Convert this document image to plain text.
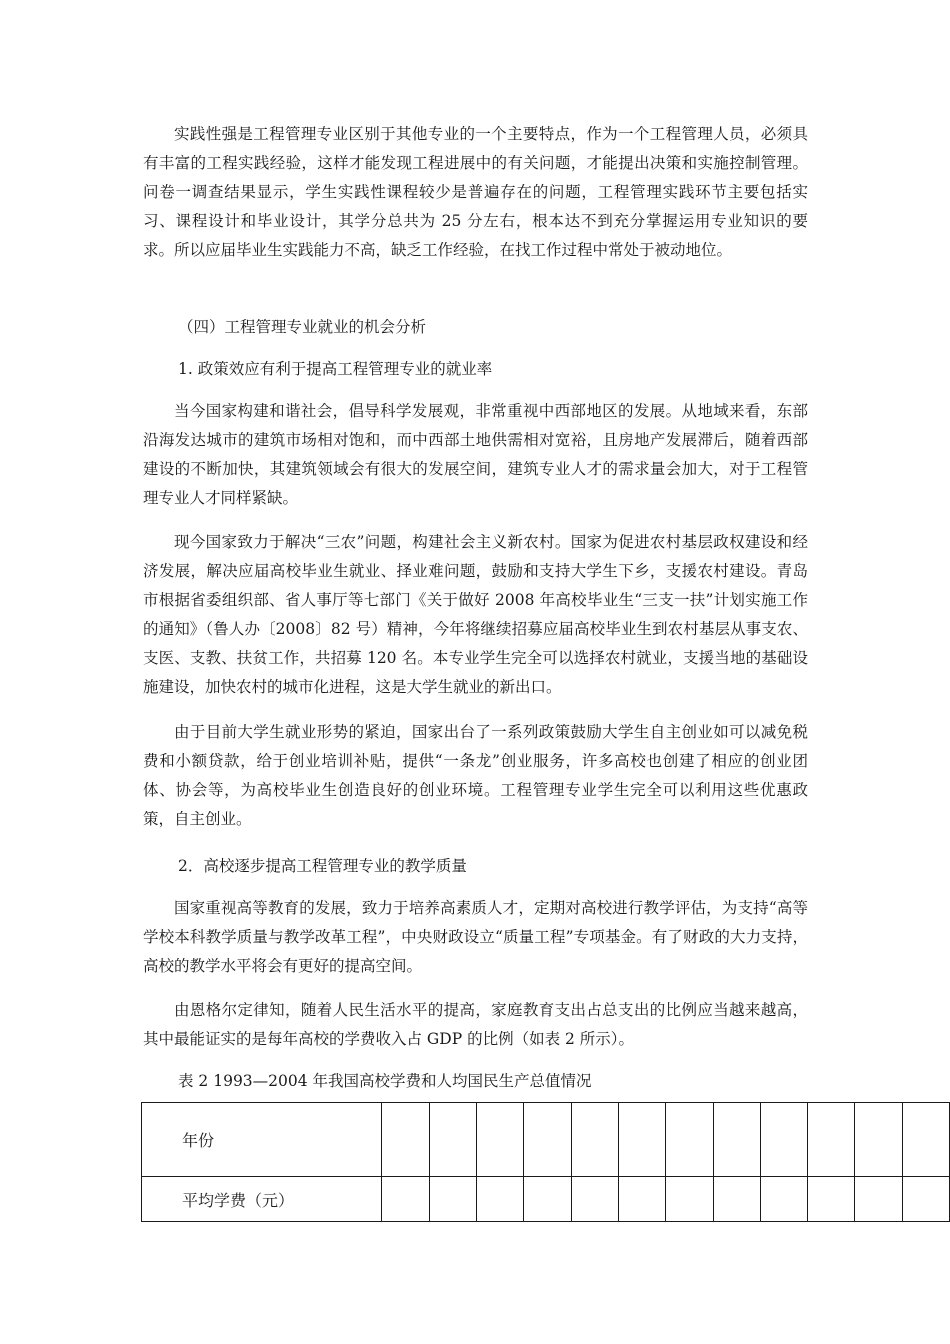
实践性强是工程管理专业区别于其他专业的一个主要特点，作为一个工程管理人员，必须具有丰富的工程实践经验，这样才能发现工程进展中的有关问题，才能提出决策和实施控制管理。问卷一调查结果显示，学生实践性课程较少是普遍存在的问题，工程管理实践环节主要包括实习、课程设计和毕业设计，其学分总共为 25 分左右，根本达不到充分掌握运用专业知识的要求。所以应届毕业生实践能力不高，缺乏工作经验，在找工作过程中常处于被动地位。

（四）工程管理专业就业的机会分析

1. 政策效应有利于提高工程管理专业的就业率

当今国家构建和谐社会，倡导科学发展观，非常重视中西部地区的发展。从地域来看，东部沿海发达城市的建筑市场相对饱和，而中西部土地供需相对宽裕，且房地产发展滞后，随着西部建设的不断加快，其建筑领域会有很大的发展空间，建筑专业人才的需求量会加大，对于工程管理专业人才同样紧缺。

现今国家致力于解决“三农”问题，构建社会主义新农村。国家为促进农村基层政权建设和经济发展，解决应届高校毕业生就业、择业难问题，鼓励和支持大学生下乡，支援农村建设。青岛市根据省委组织部、省人事厅等七部门《关于做好 2008 年高校毕业生“三支一扶”计划实施工作的通知》（鲁人办〔2008〕82 号）精神，今年将继续招募应届高校毕业生到农村基层从事支农、支医、支教、扶贫工作，共招募 120 名。本专业学生完全可以选择农村就业，支援当地的基础设施建设，加快农村的城市化进程，这是大学生就业的新出口。

由于目前大学生就业形势的紧迫，国家出台了一系列政策鼓励大学生自主创业如可以减免税费和小额贷款，给于创业培训补贴，提供“一条龙”创业服务，许多高校也创建了相应的创业团体、协会等，为高校毕业生创造良好的创业环境。工程管理专业学生完全可以利用这些优惠政策，自主创业。

2．高校逐步提高工程管理专业的教学质量

国家重视高等教育的发展，致力于培养高素质人才，定期对高校进行教学评估，为支持“高等学校本科教学质量与教学改革工程”，中央财政设立“质量工程”专项基金。有了财政的大力支持，高校的教学水平将会有更好的提高空间。

由恩格尔定律知，随着人民生活水平的提高，家庭教育支出占总支出的比例应当越来越高，其中最能证实的是每年高校的学费收入占 GDP 的比例（如表 2 所示）。

表 2 1993—2004 年我国高校学费和人均国民生产总值情况

年份												
平均学费（元）												
